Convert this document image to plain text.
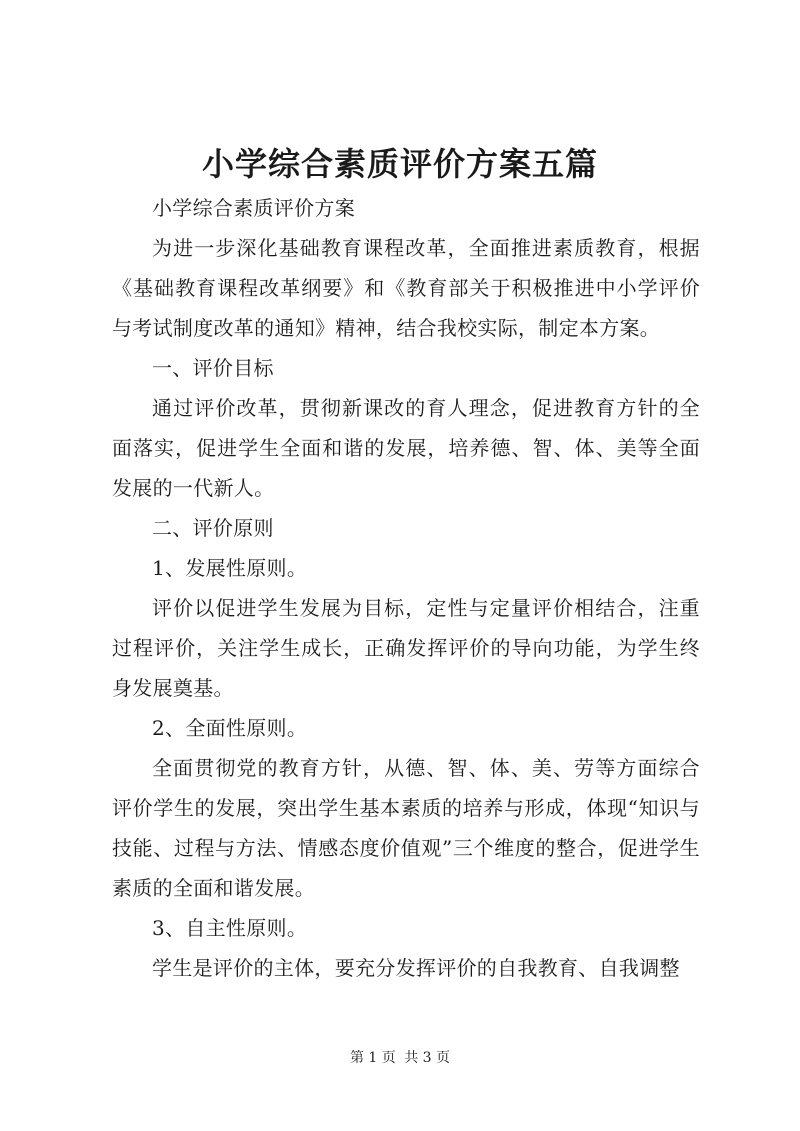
小学综合素质评价方案五篇

小学综合素质评价方案

为进一步深化基础教育课程改革，全面推进素质教育，根据《基础教育课程改革纲要》和《教育部关于积极推进中小学评价与考试制度改革的通知》精神，结合我校实际，制定本方案。

一、评价目标

通过评价改革，贯彻新课改的育人理念，促进教育方针的全面落实，促进学生全面和谐的发展，培养德、智、体、美等全面发展的一代新人。

二、评价原则

1、发展性原则。

评价以促进学生发展为目标，定性与定量评价相结合，注重过程评价，关注学生成长，正确发挥评价的导向功能，为学生终身发展奠基。

2、全面性原则。

全面贯彻党的教育方针，从德、智、体、美、劳等方面综合评价学生的发展，突出学生基本素质的培养与形成，体现“知识与技能、过程与方法、情感态度价值观”三个维度的整合，促进学生素质的全面和谐发展。

3、自主性原则。

学生是评价的主体，要充分发挥评价的自我教育、自我调整

第 1 页 共 3 页
